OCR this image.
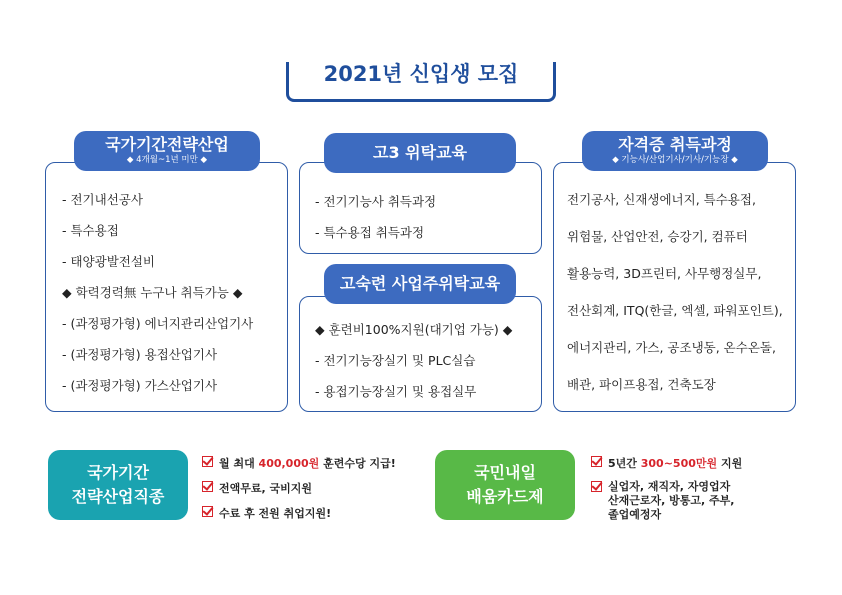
2021년 신입생 모집
국가기간전략산업
◆ 4개월~1년 미만 ◆
- 전기내선공사
- 특수용접
- 태양광발전설비
◆ 학력경력無 누구나 취득가능 ◆
- (과정평가형) 에너지관리산업기사
- (과정평가형) 용접산업기사
- (과정평가형) 가스산업기사
고3 위탁교육
- 전기기능사 취득과정
- 특수용접 취득과정
고숙련 사업주위탁교육
◆ 훈련비100%지원(대기업 가능) ◆
- 전기기능장실기 및 PLC실습
- 용접기능장실기 및 용접실무
자격증 취득과정
◆ 기능사/산업기사/기사/기능장 ◆
전기공사, 신재생에너지, 특수용접,
위험물, 산업안전, 승강기, 컴퓨터
활용능력, 3D프린터, 사무행정실무,
전산회계, ITQ(한글, 엑셀, 파워포인트),
에너지관리, 가스, 공조냉동, 온수온돌,
배관, 파이프용접, 건축도장
국가기간
전략산업직종
월 최대 400,000원 훈련수당 지급!
전액무료, 국비지원
수료 후 전원 취업지원!
국민내일
배움카드제
5년간 300~500만원 지원
실업자, 재직자, 자영업자
산재근로자, 방통고, 주부,
졸업예정자
